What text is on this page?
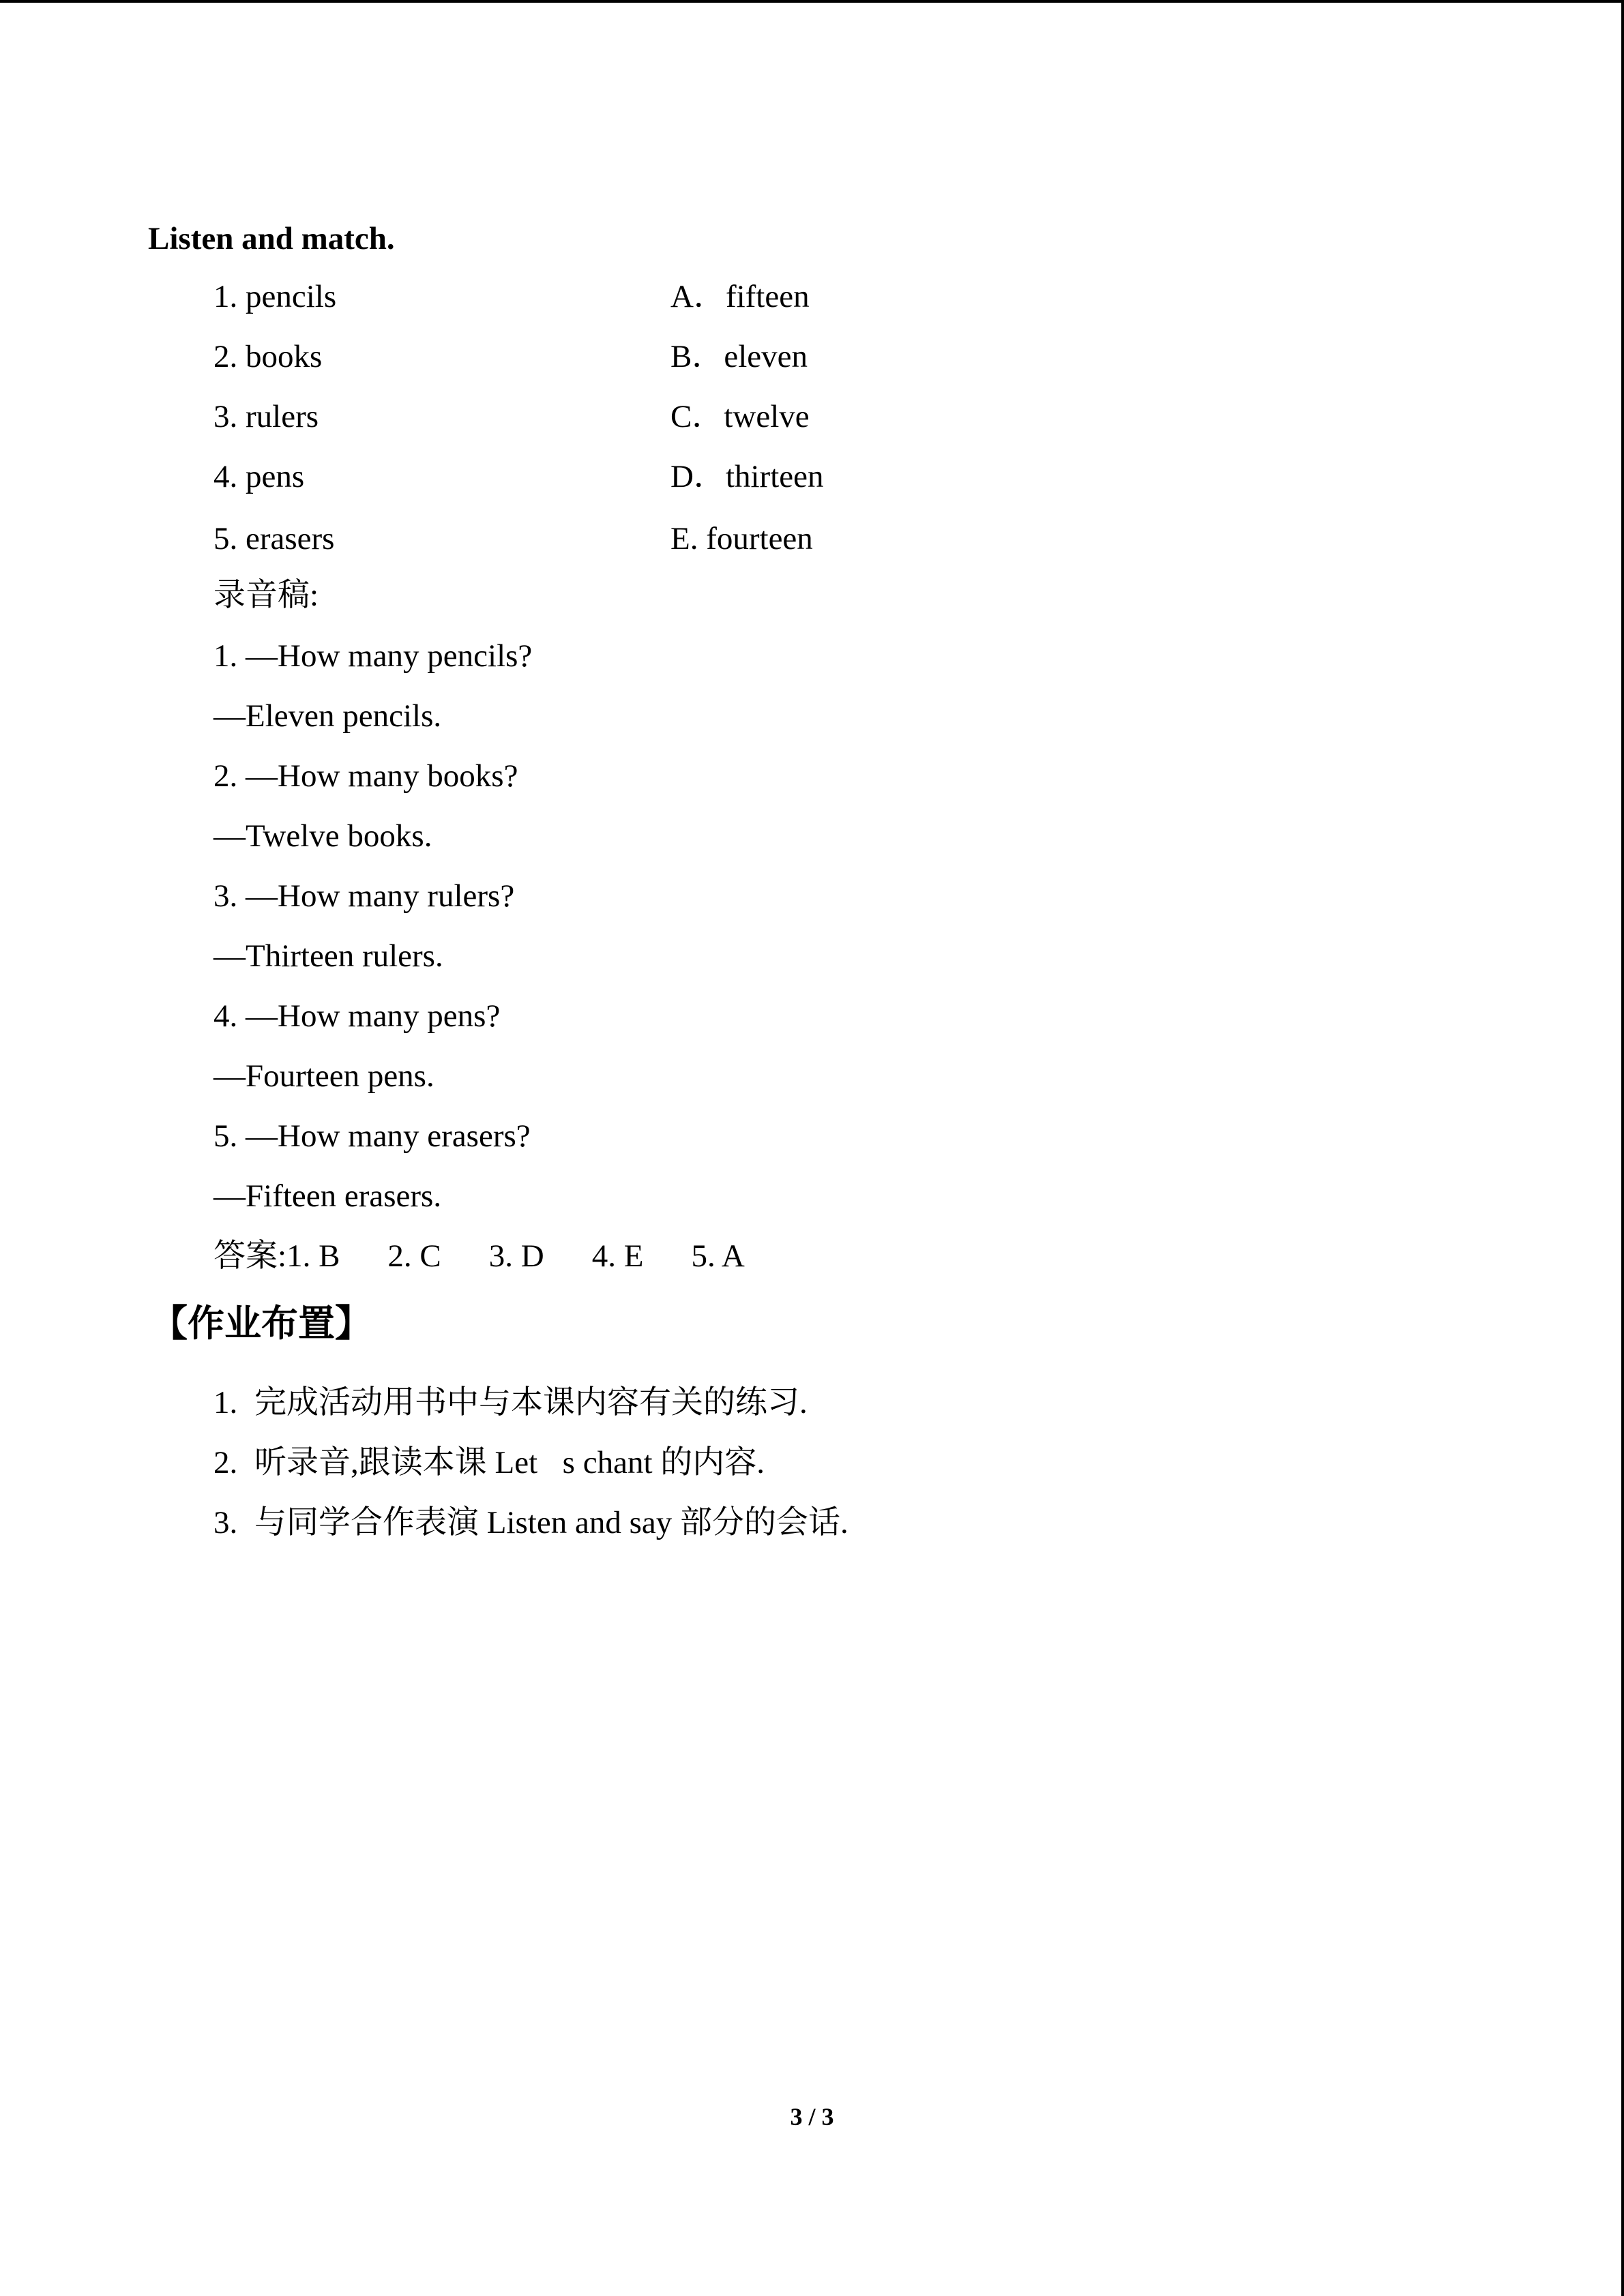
Listen and match.
1. pencils	A．fifteen
2. books	B．eleven
3. rulers	C．twelve
4. pens	D．thirteen
5. erasers	E. fourteen
录音稿:
1. —How many pencils?
—Eleven pencils.
2. —How many books?
—Twelve books.
3. —How many rulers?
—Thirteen rulers.
4. —How many pens?
—Fourteen pens.
5. —How many erasers?
—Fifteen erasers.
答案:1. B 2. C 3. D 4. E 5. A
【作业布置】
1. 完成活动用书中与本课内容有关的练习.
2. 听录音,跟读本课 Let s chant 的内容.
3. 与同学合作表演 Listen and say 部分的会话.
3 / 3
